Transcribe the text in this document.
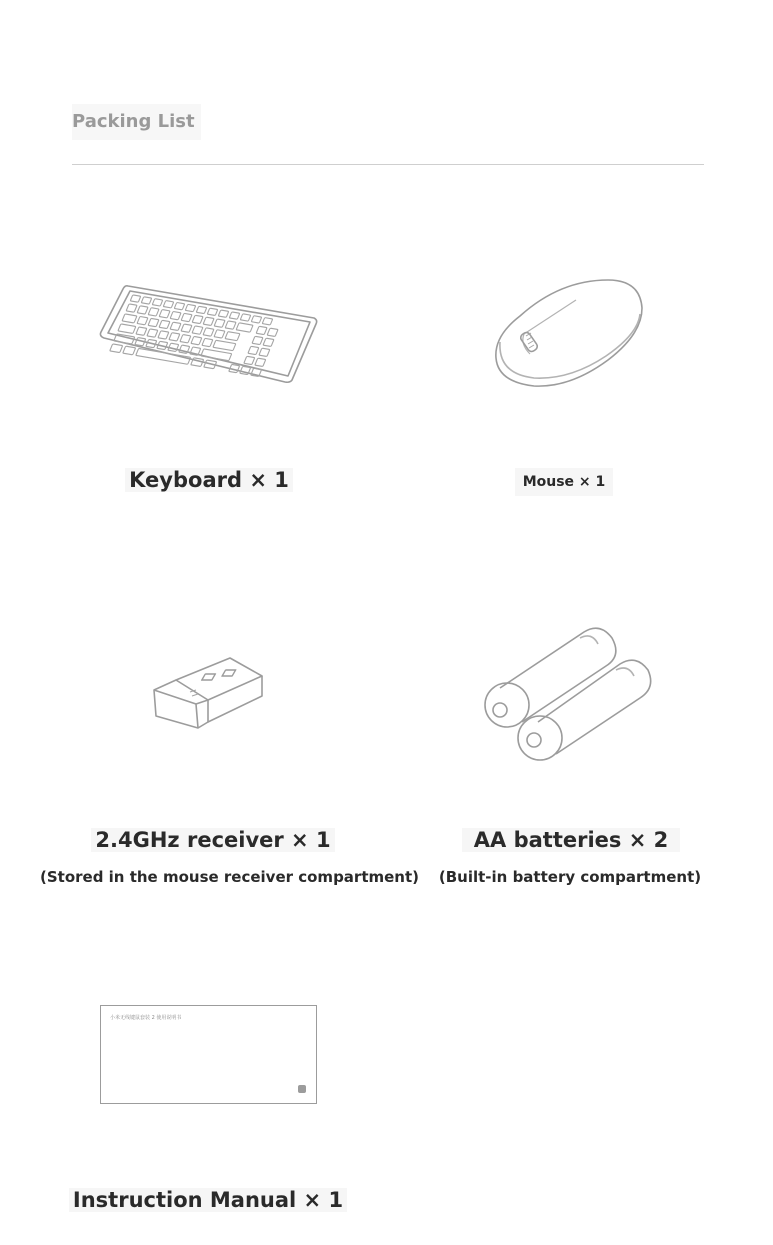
Packing List
Keyboard × 1	Mouse × 1
2.4GHz receiver × 1
(Stored in the mouse receiver compartment)
AA batteries × 2
(Built-in battery compartment)
小米无线键鼠套装 2 使用说明书
Instruction Manual × 1
